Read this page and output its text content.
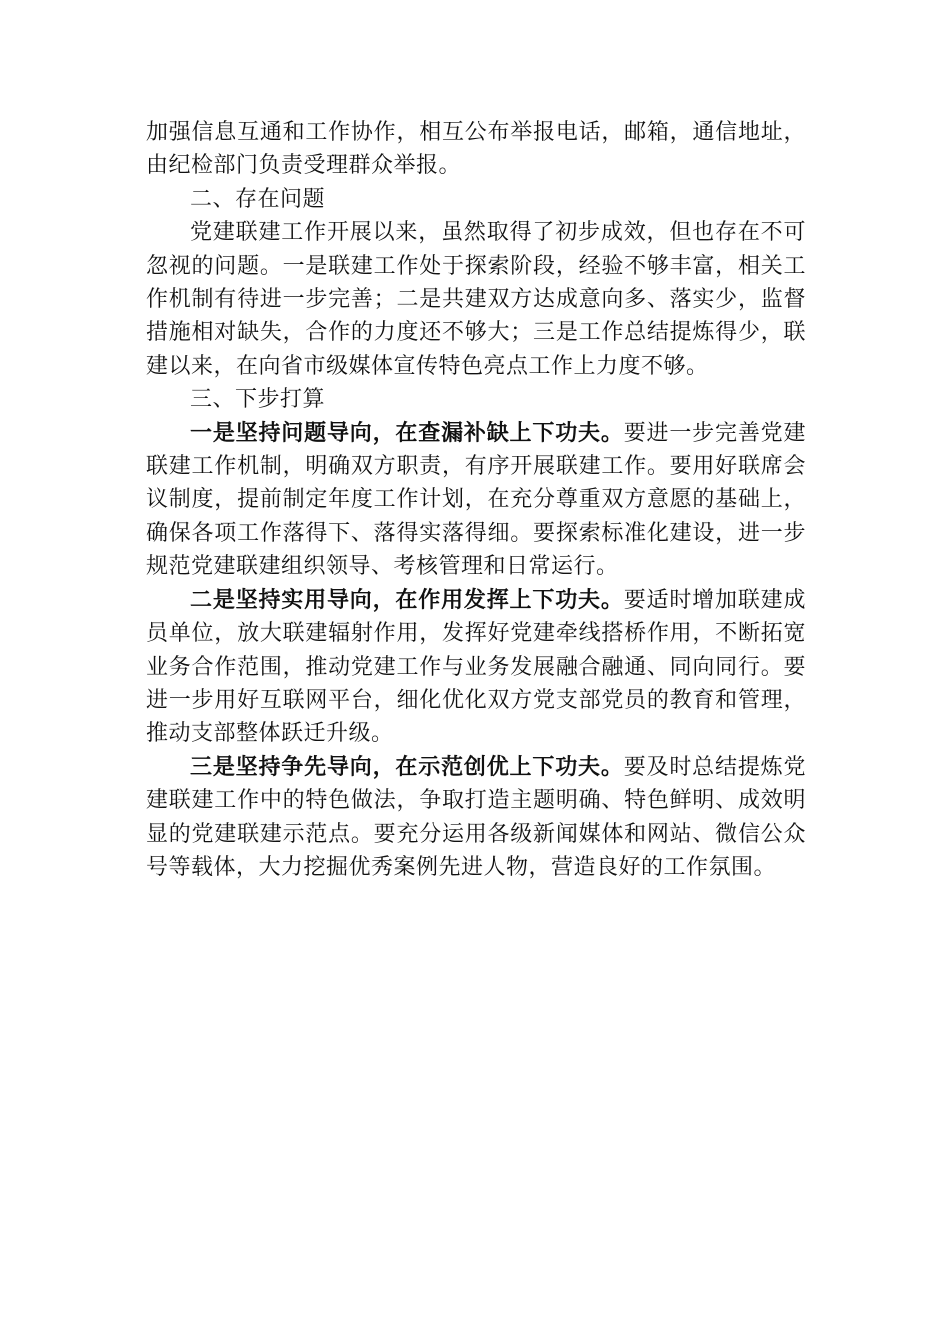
加强信息互通和工作协作，相互公布举报电话，邮箱，通信地址，由纪检部门负责受理群众举报。

二、存在问题

党建联建工作开展以来，虽然取得了初步成效，但也存在不可忽视的问题。一是联建工作处于探索阶段，经验不够丰富，相关工作机制有待进一步完善；二是共建双方达成意向多、落实少，监督措施相对缺失，合作的力度还不够大；三是工作总结提炼得少，联建以来，在向省市级媒体宣传特色亮点工作上力度不够。

三、下步打算

一是坚持问题导向，在查漏补缺上下功夫。要进一步完善党建联建工作机制，明确双方职责，有序开展联建工作。要用好联席会议制度，提前制定年度工作计划，在充分尊重双方意愿的基础上，确保各项工作落得下、落得实落得细。要探索标准化建设，进一步规范党建联建组织领导、考核管理和日常运行。

二是坚持实用导向，在作用发挥上下功夫。要适时增加联建成员单位，放大联建辐射作用，发挥好党建牵线搭桥作用，不断拓宽业务合作范围，推动党建工作与业务发展融合融通、同向同行。要进一步用好互联网平台，细化优化双方党支部党员的教育和管理，推动支部整体跃迁升级。

三是坚持争先导向，在示范创优上下功夫。要及时总结提炼党建联建工作中的特色做法，争取打造主题明确、特色鲜明、成效明显的党建联建示范点。要充分运用各级新闻媒体和网站、微信公众号等载体，大力挖掘优秀案例先进人物，营造良好的工作氛围。
